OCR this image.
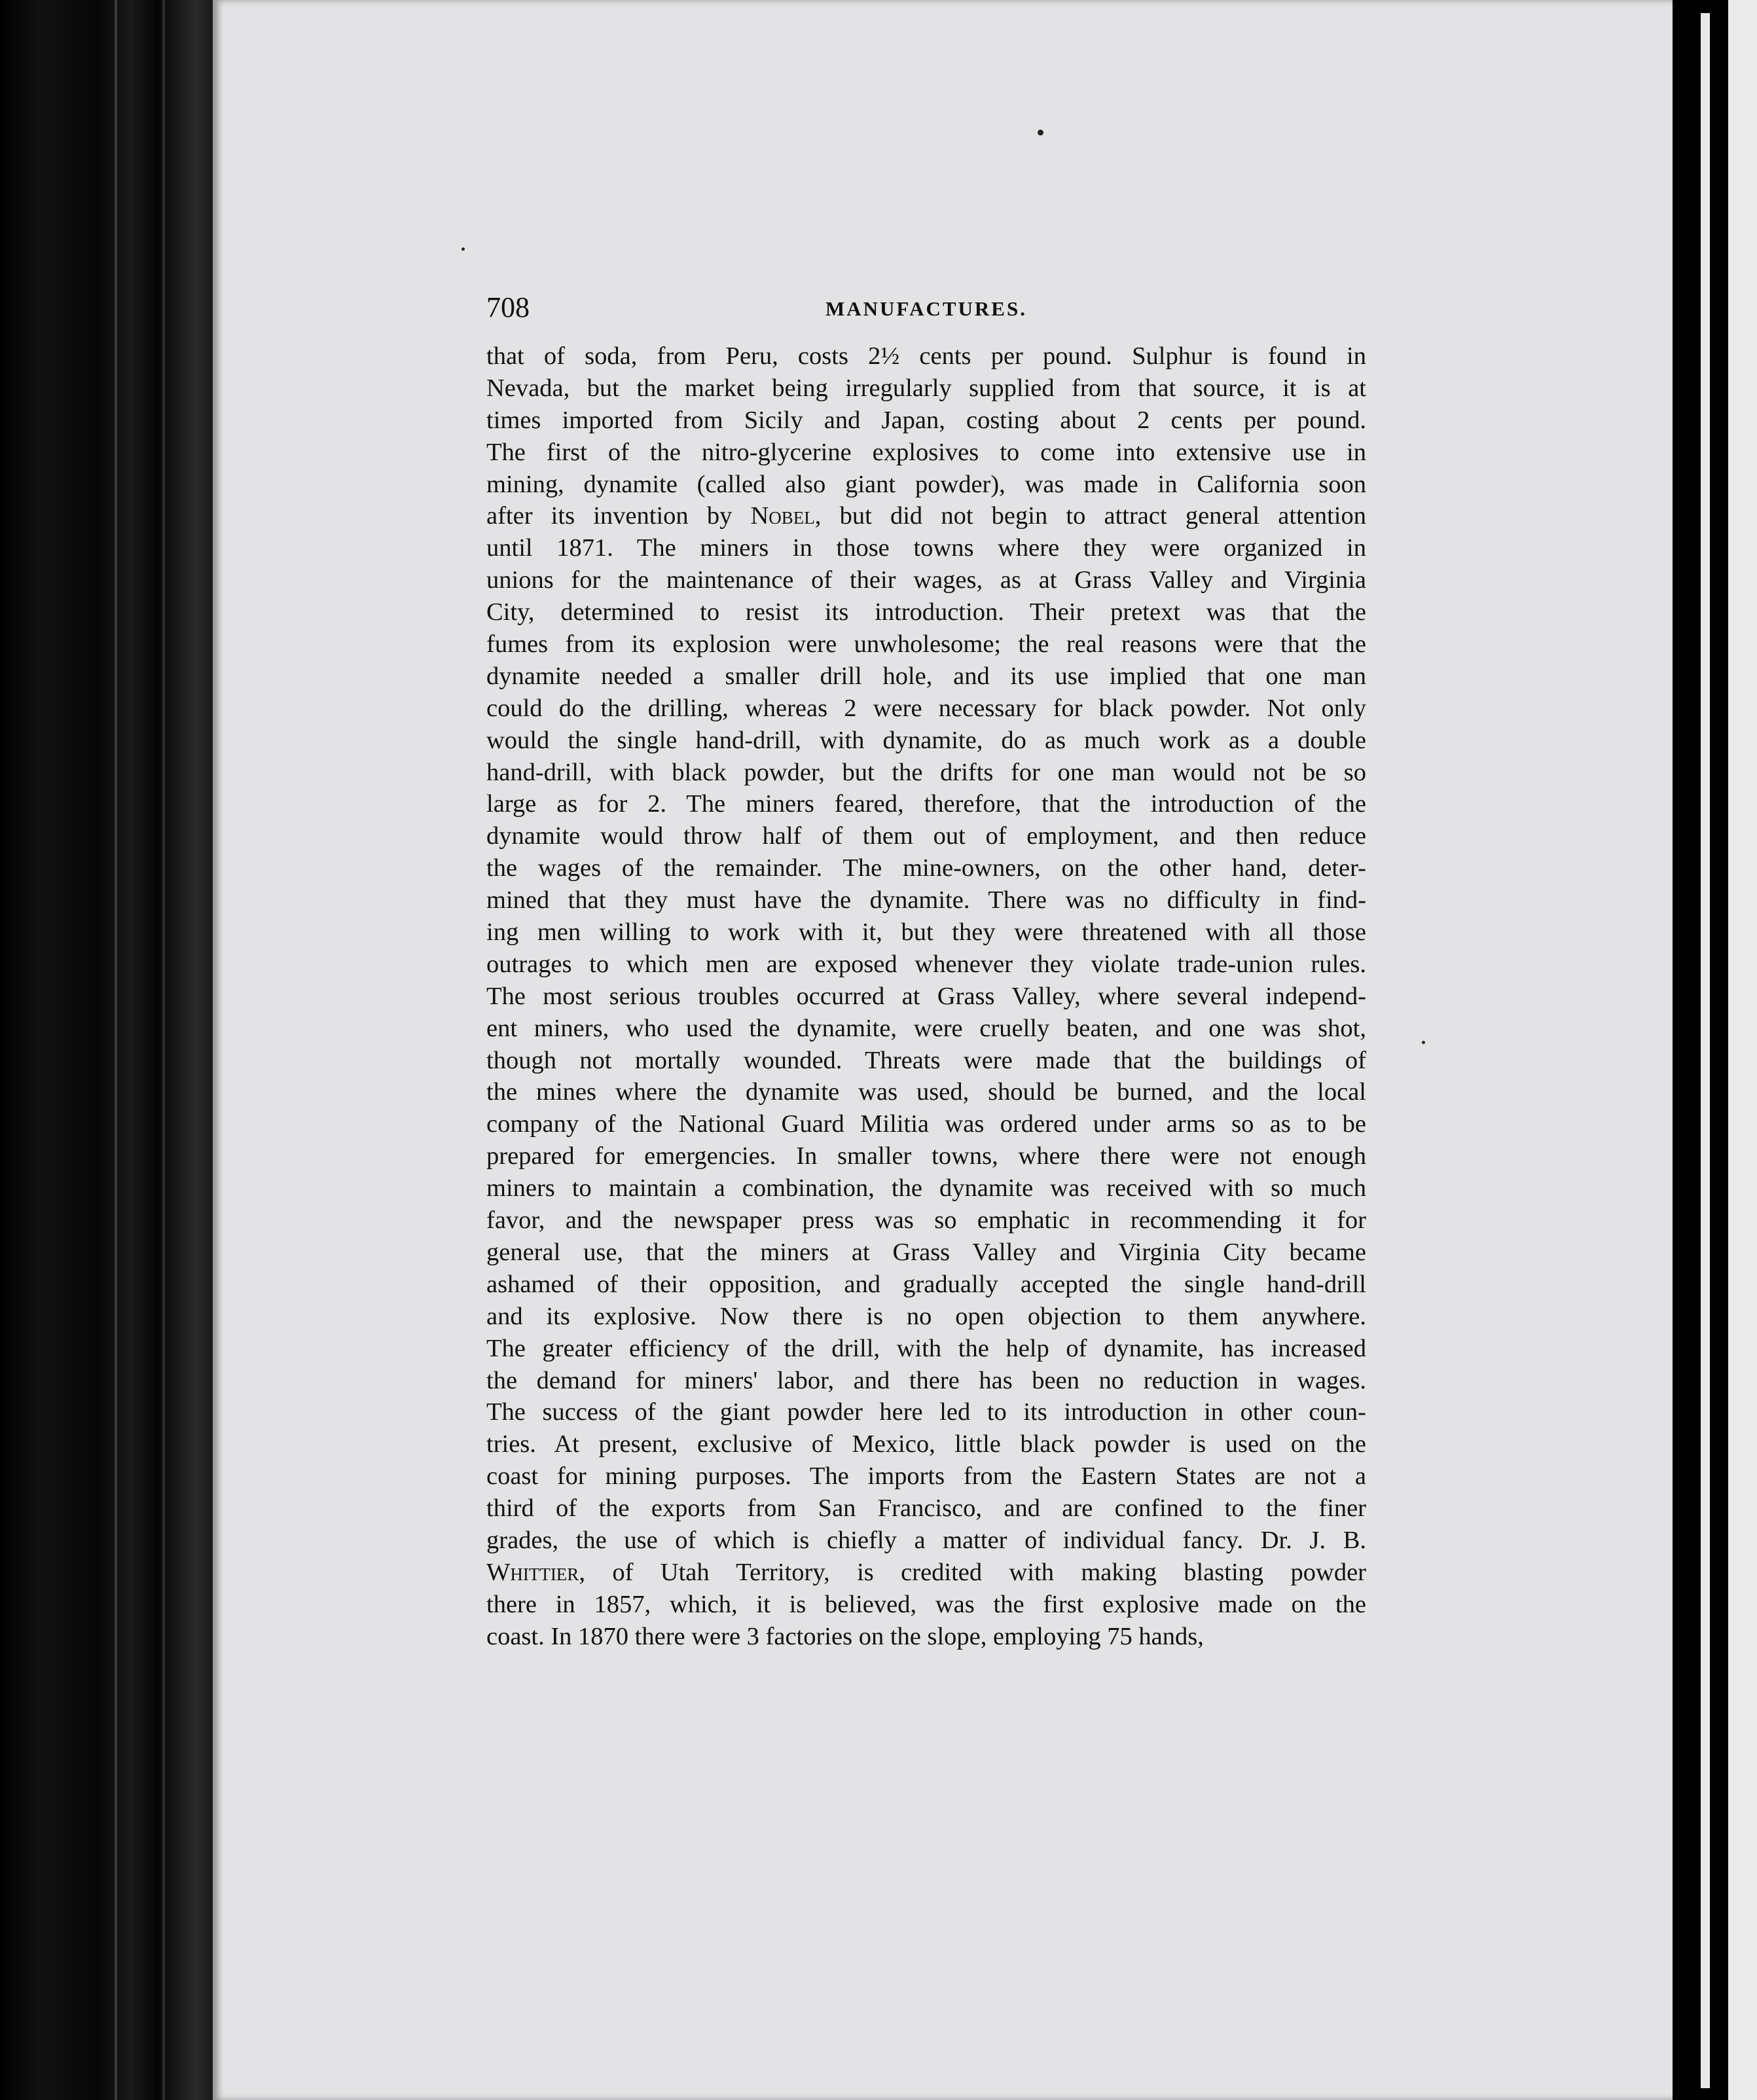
708	MANUFACTURES.
that of soda, from Peru, costs 2½ cents per pound. Sulphur is found in
Nevada, but the market being irregularly supplied from that source, it is at
times imported from Sicily and Japan, costing about 2 cents per pound.
The first of the nitro-glycerine explosives to come into extensive use in
mining, dynamite (called also giant powder), was made in California soon
after its invention by Nobel, but did not begin to attract general attention
until 1871. The miners in those towns where they were organized in
unions for the maintenance of their wages, as at Grass Valley and Virginia
City, determined to resist its introduction. Their pretext was that the
fumes from its explosion were unwholesome; the real reasons were that the
dynamite needed a smaller drill hole, and its use implied that one man
could do the drilling, whereas 2 were necessary for black powder. Not only
would the single hand-drill, with dynamite, do as much work as a double
hand-drill, with black powder, but the drifts for one man would not be so
large as for 2. The miners feared, therefore, that the introduction of the
dynamite would throw half of them out of employment, and then reduce
the wages of the remainder. The mine-owners, on the other hand, deter-
mined that they must have the dynamite. There was no difficulty in find-
ing men willing to work with it, but they were threatened with all those
outrages to which men are exposed whenever they violate trade-union rules.
The most serious troubles occurred at Grass Valley, where several independ-
ent miners, who used the dynamite, were cruelly beaten, and one was shot,
though not mortally wounded. Threats were made that the buildings of
the mines where the dynamite was used, should be burned, and the local
company of the National Guard Militia was ordered under arms so as to be
prepared for emergencies. In smaller towns, where there were not enough
miners to maintain a combination, the dynamite was received with so much
favor, and the newspaper press was so emphatic in recommending it for
general use, that the miners at Grass Valley and Virginia City became
ashamed of their opposition, and gradually accepted the single hand-drill
and its explosive. Now there is no open objection to them anywhere.
The greater efficiency of the drill, with the help of dynamite, has increased
the demand for miners' labor, and there has been no reduction in wages.
The success of the giant powder here led to its introduction in other coun-
tries. At present, exclusive of Mexico, little black powder is used on the
coast for mining purposes. The imports from the Eastern States are not a
third of the exports from San Francisco, and are confined to the finer
grades, the use of which is chiefly a matter of individual fancy. Dr. J. B.
Whittier, of Utah Territory, is credited with making blasting powder
there in 1857, which, it is believed, was the first explosive made on the
coast. In 1870 there were 3 factories on the slope, employing 75 hands,
